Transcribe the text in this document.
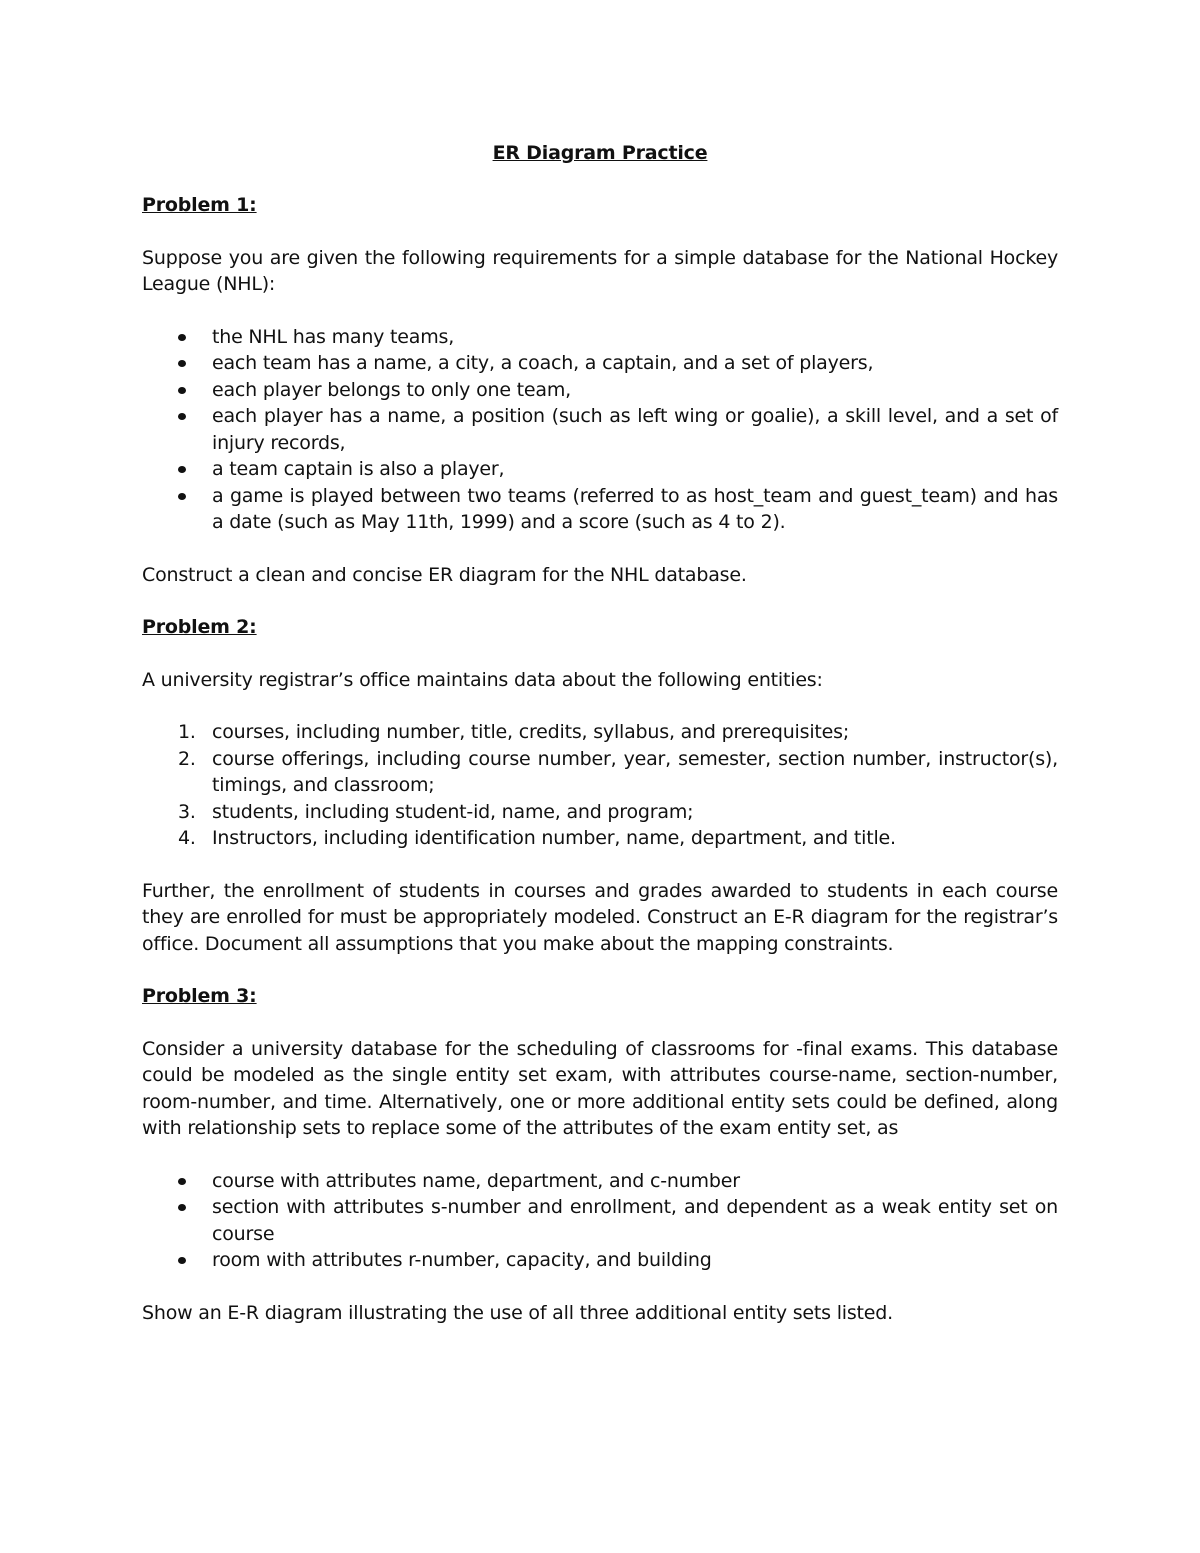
ER Diagram Practice

Problem 1:

Suppose you are given the following requirements for a simple database for the National Hockey League (NHL):

the NHL has many teams,
each team has a name, a city, a coach, a captain, and a set of players,
each player belongs to only one team,
each player has a name, a position (such as left wing or goalie), a skill level, and a set of injury records,
a team captain is also a player,
a game is played between two teams (referred to as host_team and guest_team) and has a date (such as May 11th, 1999) and a score (such as 4 to 2).

Construct a clean and concise ER diagram for the NHL database.

Problem 2:

A university registrar’s office maintains data about the following entities:

1. courses, including number, title, credits, syllabus, and prerequisites;
2. course offerings, including course number, year, semester, section number, instructor(s), timings, and classroom;
3. students, including student-id, name, and program;
4. Instructors, including identification number, name, department, and title.

Further, the enrollment of students in courses and grades awarded to students in each course they are enrolled for must be appropriately modeled. Construct an E-R diagram for the registrar’s office. Document all assumptions that you make about the mapping constraints.

Problem 3:

Consider a university database for the scheduling of classrooms for -final exams. This database could be modeled as the single entity set exam, with attributes course-name, section-number, room-number, and time. Alternatively, one or more additional entity sets could be defined, along with relationship sets to replace some of the attributes of the exam entity set, as

course with attributes name, department, and c-number
section with attributes s-number and enrollment, and dependent as a weak entity set on course
room with attributes r-number, capacity, and building

Show an E-R diagram illustrating the use of all three additional entity sets listed.
